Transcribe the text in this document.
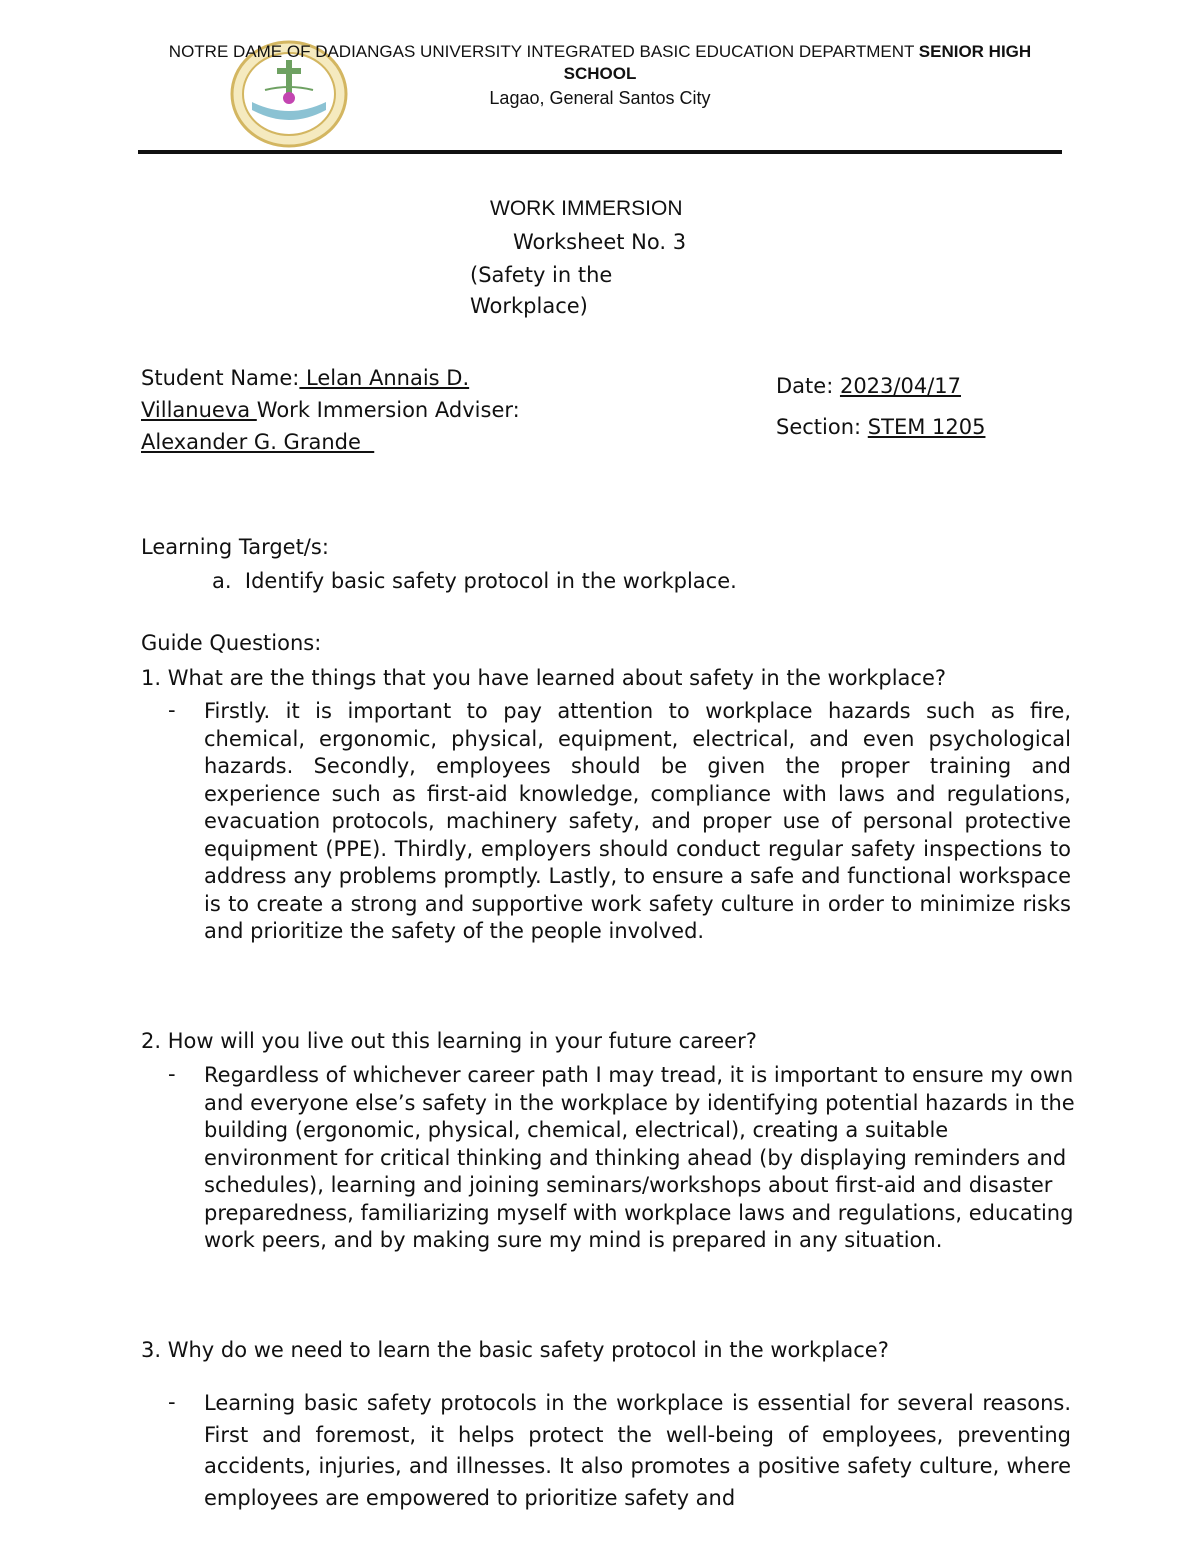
NOTRE DAME OF DADIANGAS UNIVERSITY INTEGRATED BASIC EDUCATION DEPARTMENT SENIOR HIGH
SCHOOL
Lagao, General Santos City
WORK IMMERSION
Worksheet No. 3
(Safety in the Workplace)
Student Name: Lelan Annais D.
Villanueva Work Immersion Adviser:
Alexander G. Grande
Date: 2023/04/17
Section: STEM 1205
Learning Target/s:
a.  Identify basic safety protocol in the workplace.
Guide Questions:
1. What are the things that you have learned about safety in the workplace?
- Firstly. it is important to pay attention to workplace hazards such as fire, chemical, ergonomic, physical, equipment, electrical, and even psychological hazards. Secondly, employees should be given the proper training and experience such as first-aid knowledge, compliance with laws and regulations, evacuation protocols, machinery safety, and proper use of personal protective equipment (PPE). Thirdly, employers should conduct regular safety inspections to address any problems promptly. Lastly, to ensure a safe and functional workspace is to create a strong and supportive work safety culture in order to minimize risks and prioritize the safety of the people involved.
2. How will you live out this learning in your future career?
- Regardless of whichever career path I may tread, it is important to ensure my own and everyone else’s safety in the workplace by identifying potential hazards in the building (ergonomic, physical, chemical, electrical), creating a suitable environment for critical thinking and thinking ahead (by displaying reminders and schedules), learning and joining seminars/workshops about first-aid and disaster preparedness, familiarizing myself with workplace laws and regulations, educating work peers, and by making sure my mind is prepared in any situation.
3. Why do we need to learn the basic safety protocol in the workplace?
- Learning basic safety protocols in the workplace is essential for several reasons. First and foremost, it helps protect the well-being of employees, preventing accidents, injuries, and illnesses. It also promotes a positive safety culture, where employees are empowered to prioritize safety and
